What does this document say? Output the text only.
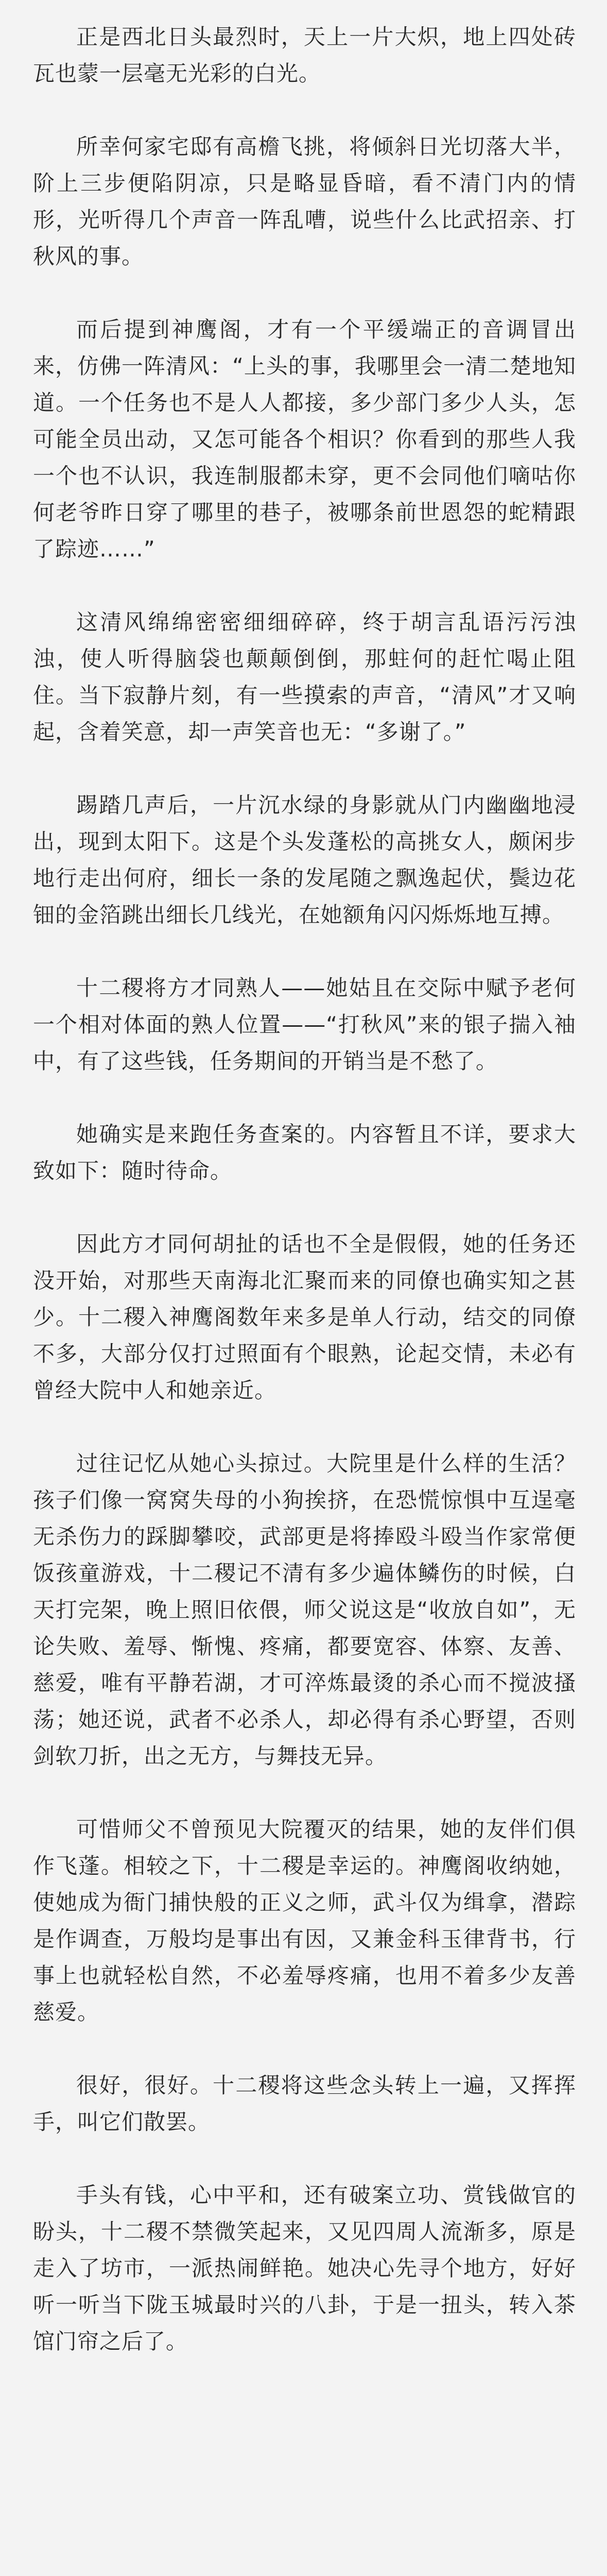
正是西北日头最烈时，天上一片大炽，地上四处砖瓦也蒙一层毫无光彩的白光。

所幸何家宅邸有高檐飞挑，将倾斜日光切落大半，阶上三步便陷阴凉，只是略显昏暗，看不清门内的情形，光听得几个声音一阵乱嘈，说些什么比武招亲、打秋风的事。

而后提到神鹰阁，才有一个平缓端正的音调冒出来，仿佛一阵清风：“上头的事，我哪里会一清二楚地知道。一个任务也不是人人都接，多少部门多少人头，怎可能全员出动，又怎可能各个相识？你看到的那些人我一个也不认识，我连制服都未穿，更不会同他们嘀咕你何老爷昨日穿了哪里的巷子，被哪条前世恩怨的蛇精跟了踪迹……”

这清风绵绵密密细细碎碎，终于胡言乱语污污浊浊，使人听得脑袋也颠颠倒倒，那蛀何的赶忙喝止阻住。当下寂静片刻，有一些摸索的声音，“清风”才又响起，含着笑意，却一声笑音也无：“多谢了。”

踢踏几声后，一片沉水绿的身影就从门内幽幽地浸出，现到太阳下。这是个头发蓬松的高挑女人，颇闲步地行走出何府，细长一条的发尾随之飘逸起伏，鬓边花钿的金箔跳出细长几线光，在她额角闪闪烁烁地互搏。

十二稷将方才同熟人——她姑且在交际中赋予老何一个相对体面的熟人位置——“打秋风”来的银子揣入袖中，有了这些钱，任务期间的开销当是不愁了。

她确实是来跑任务查案的。内容暂且不详，要求大致如下：随时待命。

因此方才同何胡扯的话也不全是假假，她的任务还没开始，对那些天南海北汇聚而来的同僚也确实知之甚少。十二稷入神鹰阁数年来多是单人行动，结交的同僚不多，大部分仅打过照面有个眼熟，论起交情，未必有曾经大院中人和她亲近。

过往记忆从她心头掠过。大院里是什么样的生活？孩子们像一窝窝失母的小狗挨挤，在恐慌惊惧中互逞毫无杀伤力的踩脚攀咬，武部更是将捧殴斗殴当作家常便饭孩童游戏，十二稷记不清有多少遍体鳞伤的时候，白天打完架，晚上照旧依偎，师父说这是“收放自如”，无论失败、羞辱、惭愧、疼痛，都要宽容、体察、友善、慈爱，唯有平静若湖，才可淬炼最烫的杀心而不搅波搔荡；她还说，武者不必杀人，却必得有杀心野望，否则剑软刀折，出之无方，与舞技无异。

可惜师父不曾预见大院覆灭的结果，她的友伴们俱作飞蓬。相较之下，十二稷是幸运的。神鹰阁收纳她，使她成为衙门捕快般的正义之师，武斗仅为缉拿，潜踪是作调查，万般均是事出有因，又兼金科玉律背书，行事上也就轻松自然，不必羞辱疼痛，也用不着多少友善慈爱。

很好，很好。十二稷将这些念头转上一遍，又挥挥手，叫它们散罢。

手头有钱，心中平和，还有破案立功、赏钱做官的盼头，十二稷不禁微笑起来，又见四周人流渐多，原是走入了坊市，一派热闹鲜艳。她决心先寻个地方，好好听一听当下陇玉城最时兴的八卦，于是一扭头，转入茶馆门帘之后了。
